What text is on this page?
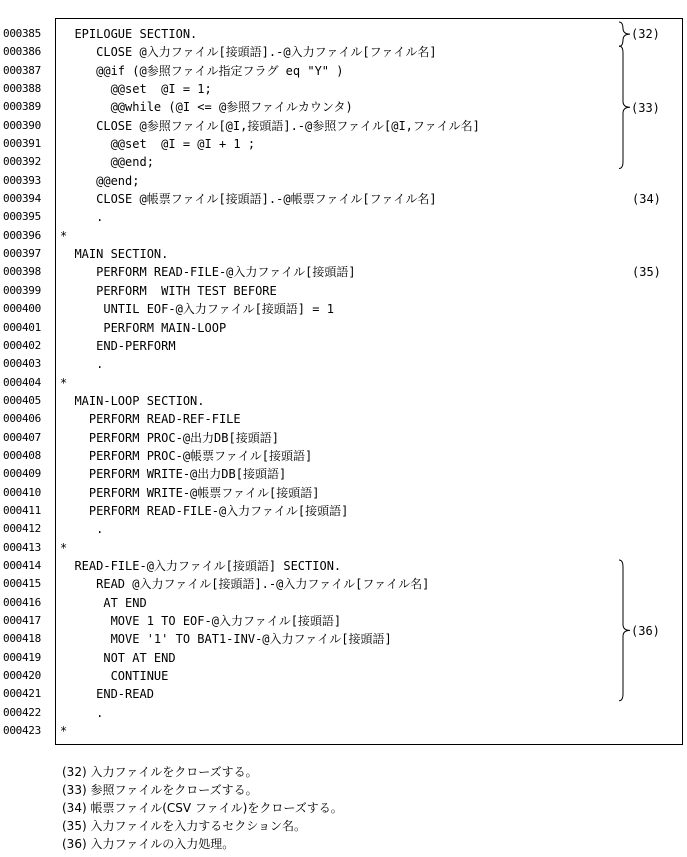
000385 EPILOGUE SECTION.
000386 CLOSE @入力ファイル[接頭語].-@入力ファイル[ファイル名]
000387 @@if (@参照ファイル指定フラグ eq "Y" )
000388 @@set  @I = 1;
000389 @@while (@I <= @参照ファイルカウンタ)
000390 CLOSE @参照ファイル[@I,接頭語].-@参照ファイル[@I,ファイル名]
000391 @@set  @I = @I + 1 ;
000392 @@end;
000393 @@end;
000394 CLOSE @帳票ファイル[接頭語].-@帳票ファイル[ファイル名]	(34)
000395 .
000396 *
000397 MAIN SECTION.
000398 PERFORM READ-FILE-@入力ファイル[接頭語]	(35)
000399 PERFORM  WITH TEST BEFORE
000400 UNTIL EOF-@入力ファイル[接頭語] = 1
000401 PERFORM MAIN-LOOP
000402 END-PERFORM
000403 .
000404 *
000405 MAIN-LOOP SECTION.
000406 PERFORM READ-REF-FILE
000407 PERFORM PROC-@出力DB[接頭語]
000408 PERFORM PROC-@帳票ファイル[接頭語]
000409 PERFORM WRITE-@出力DB[接頭語]
000410 PERFORM WRITE-@帳票ファイル[接頭語]
000411 PERFORM READ-FILE-@入力ファイル[接頭語]
000412 .
000413 *
000414 READ-FILE-@入力ファイル[接頭語] SECTION.
000415 READ @入力ファイル[接頭語].-@入力ファイル[ファイル名]
000416 AT END
000417 MOVE 1 TO EOF-@入力ファイル[接頭語]
000418 MOVE '1' TO BAT1-INV-@入力ファイル[接頭語]
000419 NOT AT END
000420 CONTINUE
000421 END-READ
000422 .
000423 *
(32)
(33)
(36)
(32) 入力ファイルをクローズする。
(33) 参照ファイルをクローズする。
(34) 帳票ファイル(CSV ファイル)をクローズする。
(35) 入力ファイルを入力するセクション名。
(36) 入力ファイルの入力処理。
